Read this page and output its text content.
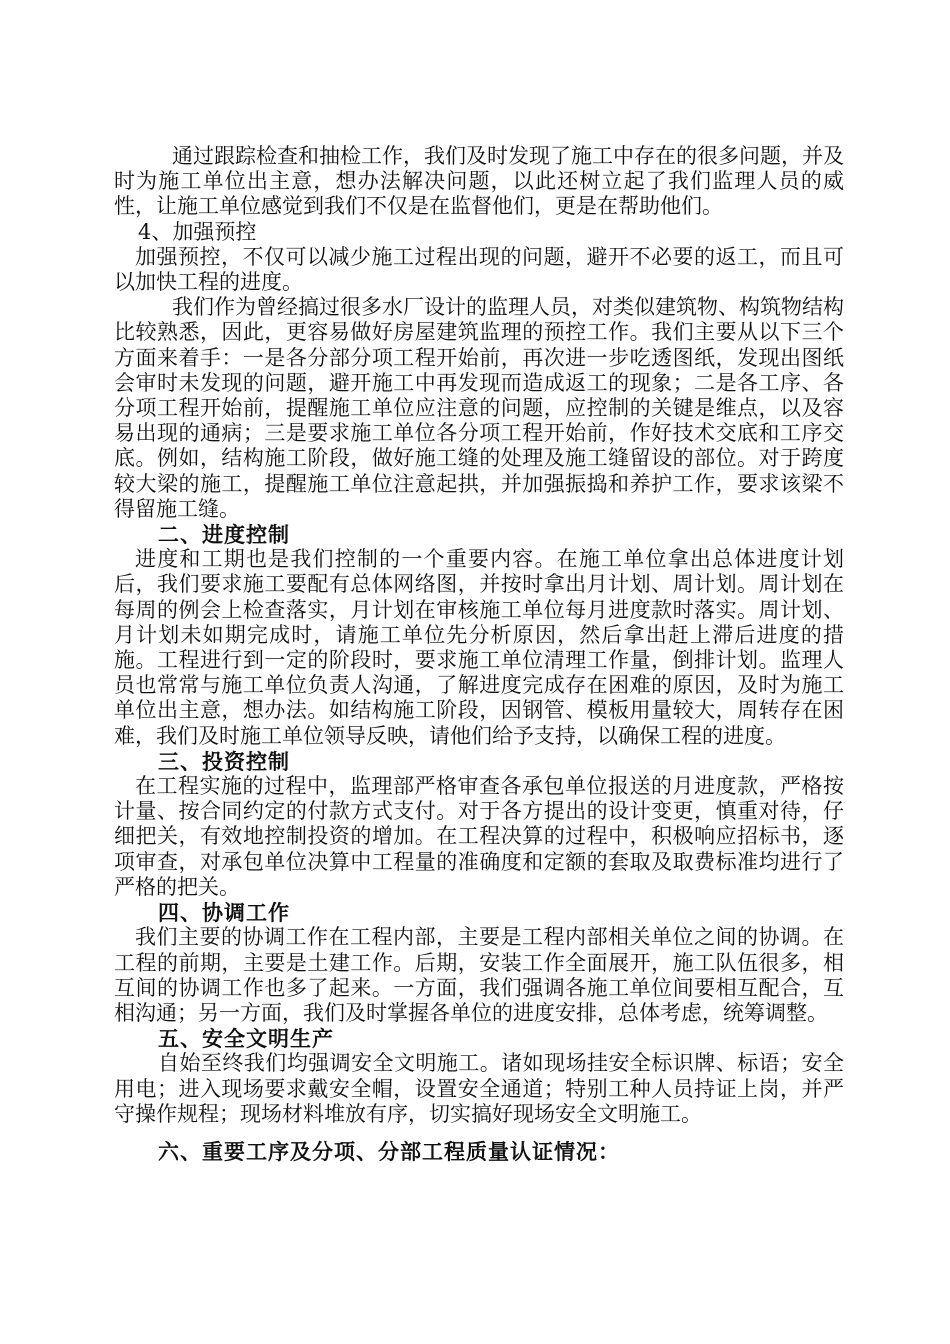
通过跟踪检查和抽检工作，我们及时发现了施工中存在的很多问题，并及时为施工单位出主意，想办法解决问题，以此还树立起了我们监理人员的威性，让施工单位感觉到我们不仅是在监督他们，更是在帮助他们。

4、加强预控

加强预控，不仅可以减少施工过程出现的问题，避开不必要的返工，而且可以加快工程的进度。

我们作为曾经搞过很多水厂设计的监理人员，对类似建筑物、构筑物结构比较熟悉，因此，更容易做好房屋建筑监理的预控工作。我们主要从以下三个方面来着手：一是各分部分项工程开始前，再次进一步吃透图纸，发现出图纸会审时未发现的问题，避开施工中再发现而造成返工的现象；二是各工序、各分项工程开始前，提醒施工单位应注意的问题，应控制的关键是维点，以及容易出现的通病；三是要求施工单位各分项工程开始前，作好技术交底和工序交底。例如，结构施工阶段，做好施工缝的处理及施工缝留设的部位。对于跨度较大梁的施工，提醒施工单位注意起拱，并加强振捣和养护工作，要求该梁不得留施工缝。

二、进度控制

进度和工期也是我们控制的一个重要内容。在施工单位拿出总体进度计划后，我们要求施工要配有总体网络图，并按时拿出月计划、周计划。周计划在每周的例会上检查落实，月计划在审核施工单位每月进度款时落实。周计划、月计划未如期完成时，请施工单位先分析原因，然后拿出赶上滞后进度的措施。工程进行到一定的阶段时，要求施工单位清理工作量，倒排计划。监理人员也常常与施工单位负责人沟通，了解进度完成存在困难的原因，及时为施工单位出主意，想办法。如结构施工阶段，因钢管、模板用量较大，周转存在困难，我们及时施工单位领导反映，请他们给予支持，以确保工程的进度。

三、投资控制

在工程实施的过程中，监理部严格审查各承包单位报送的月进度款，严格按计量、按合同约定的付款方式支付。对于各方提出的设计变更，慎重对待，仔细把关，有效地控制投资的增加。在工程决算的过程中，积极响应招标书，逐项审查，对承包单位决算中工程量的准确度和定额的套取及取费标准均进行了严格的把关。

四、协调工作

我们主要的协调工作在工程内部，主要是工程内部相关单位之间的协调。在工程的前期，主要是土建工作。后期，安装工作全面展开，施工队伍很多，相互间的协调工作也多了起来。一方面，我们强调各施工单位间要相互配合，互相沟通；另一方面，我们及时掌握各单位的进度安排，总体考虑，统筹调整。

五、安全文明生产

自始至终我们均强调安全文明施工。诸如现场挂安全标识牌、标语；安全用电；进入现场要求戴安全帽，设置安全通道；特别工种人员持证上岗，并严守操作规程；现场材料堆放有序，切实搞好现场安全文明施工。

六、重要工序及分项、分部工程质量认证情况：
